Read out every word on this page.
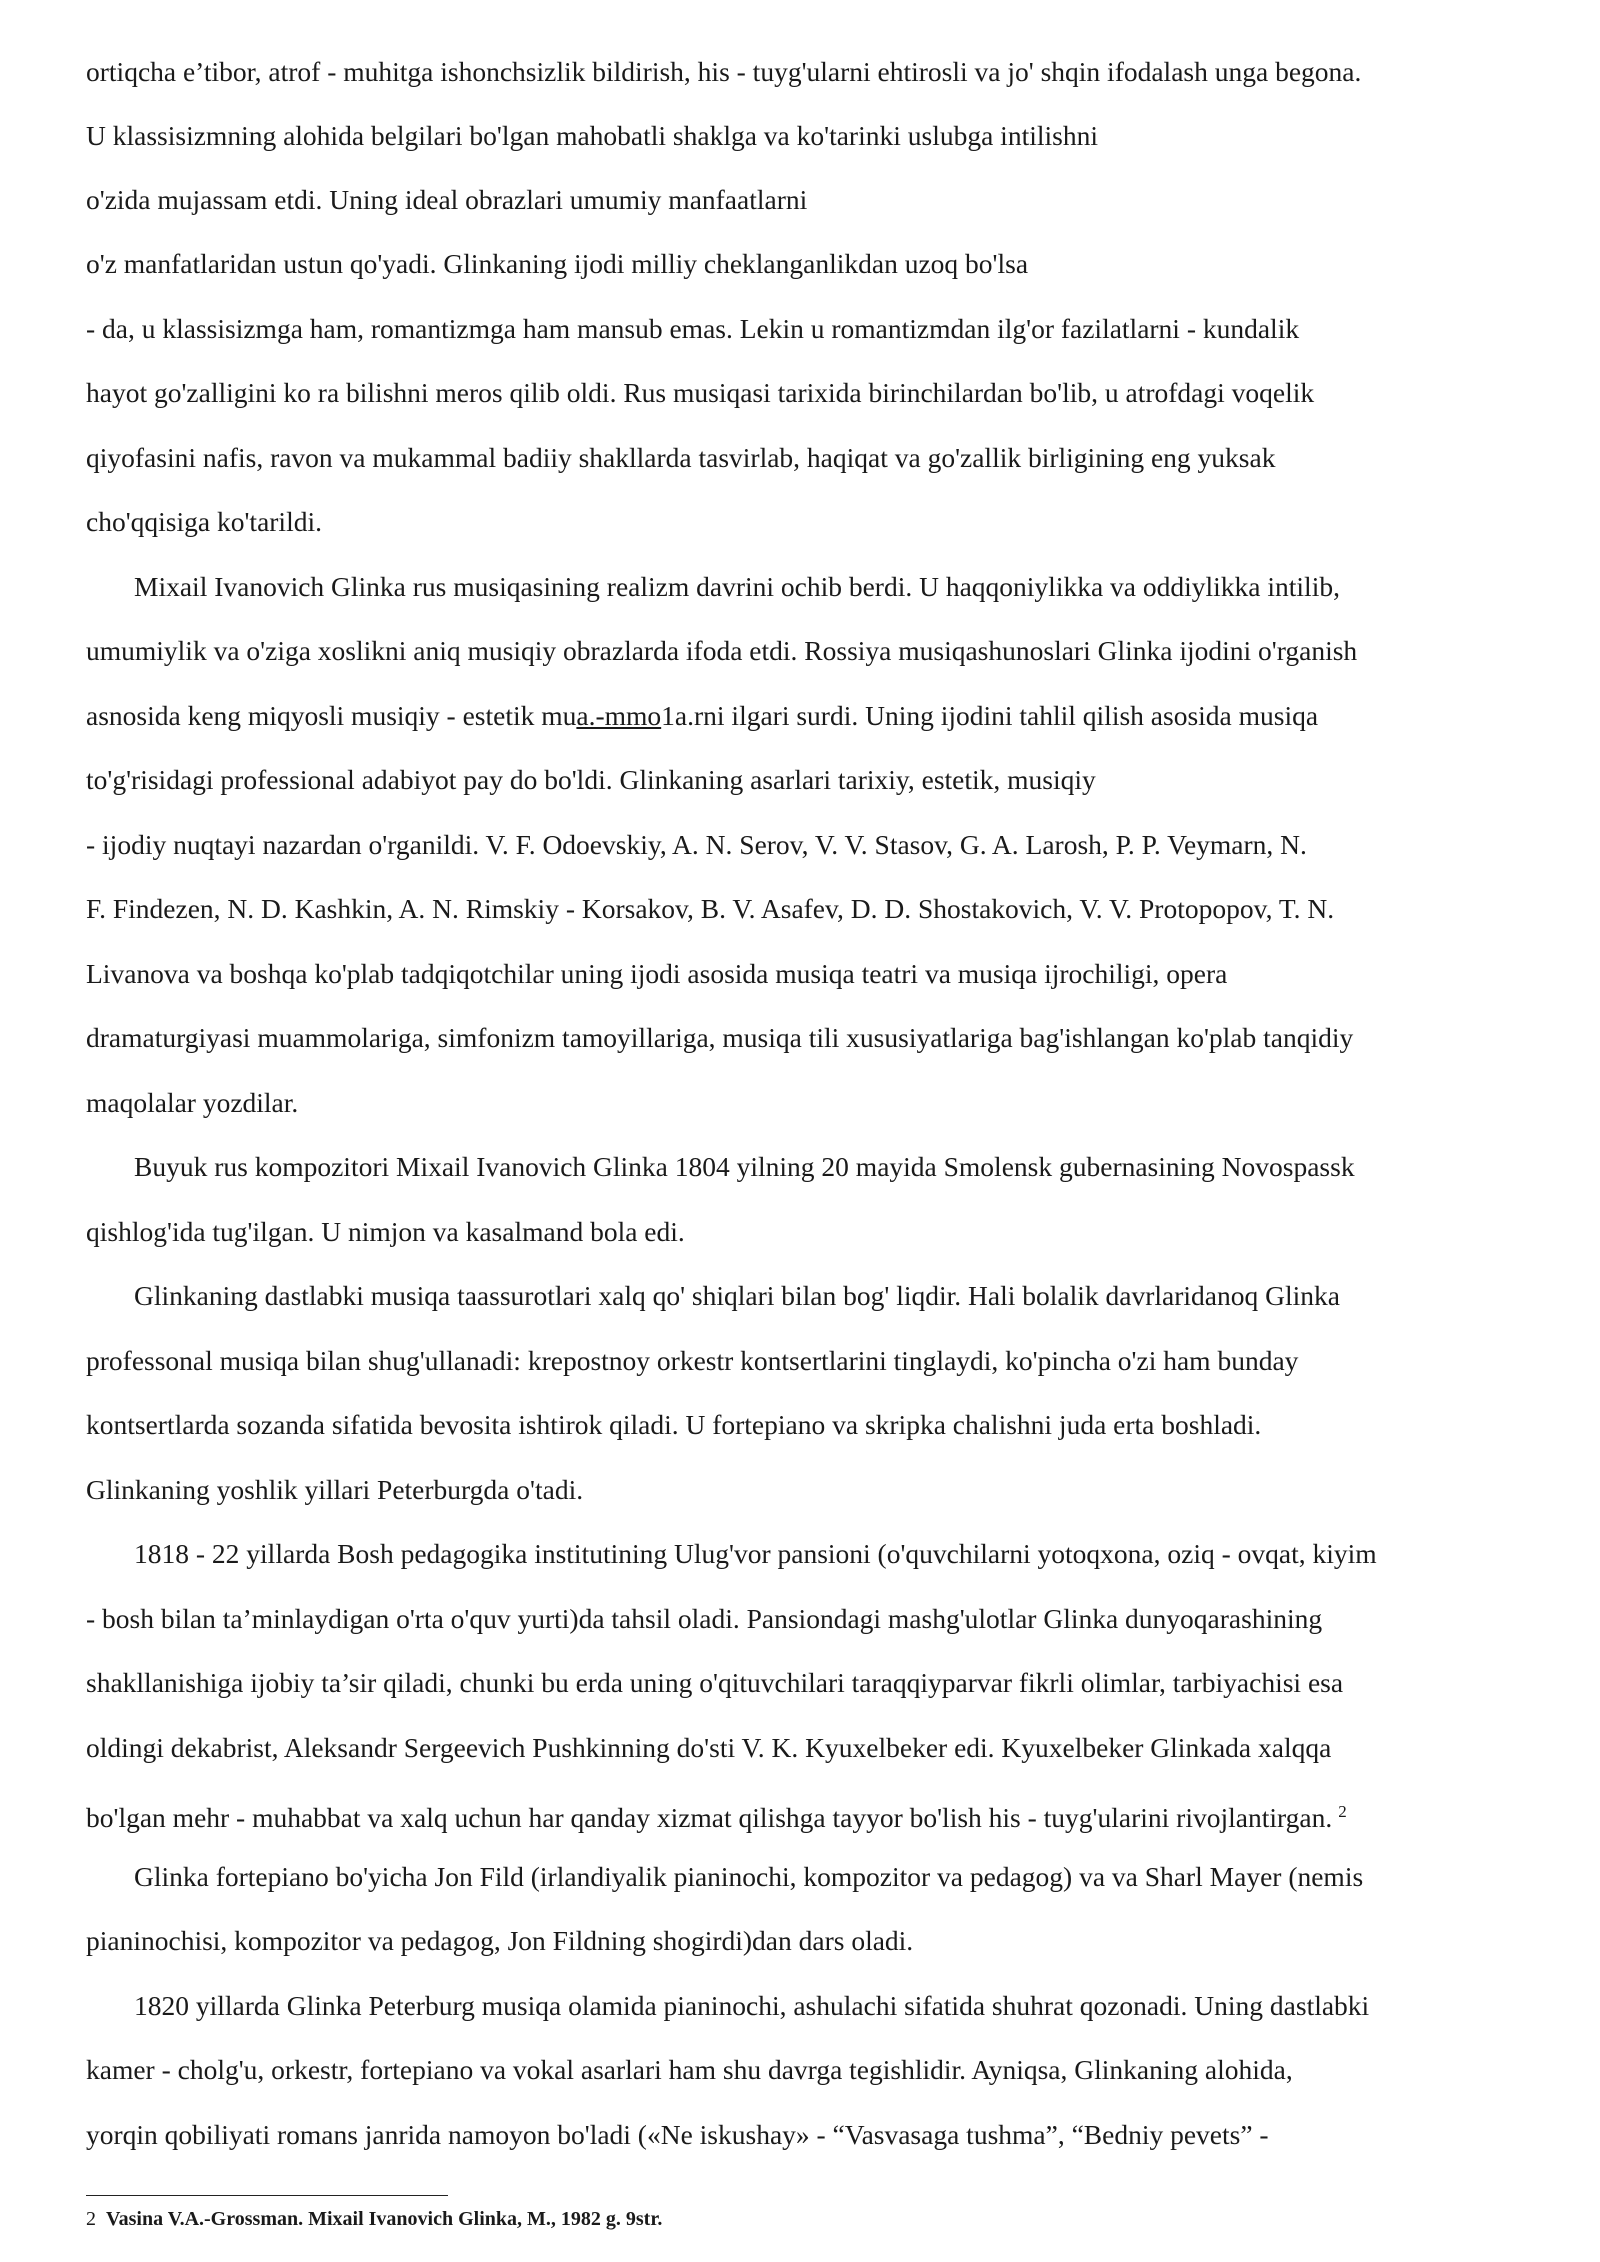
ortiqcha e’tibor, atrof - muhitga ishonchsizlik bildirish, his - tuyg'ularni ehtirosli va jo' shqin ifodalash unga begona.
U klassisizmning alohida belgilari bo'lgan mahobatli shaklga va ko'tarinki uslubga intilishni
o'zida mujassam etdi. Uning ideal obrazlari umumiy manfaatlarni
o'z manfatlaridan ustun qo'yadi. Glinkaning ijodi milliy cheklanganlikdan uzoq bo'lsa
- da, u klassisizmga ham, romantizmga ham mansub emas. Lekin u romantizmdan ilg'or fazilatlarni - kundalik
hayot go'zalligini ko ra bilishni meros qilib oldi. Rus musiqasi tarixida birinchilardan bo'lib, u atrofdagi voqelik
qiyofasini nafis, ravon va mukammal badiiy shakllarda tasvirlab, haqiqat va go'zallik birligining eng yuksak
cho'qqisiga ko'tarildi.
Mixail Ivanovich Glinka rus musiqasining realizm davrini ochib berdi. U haqqoniylikka va oddiylikka intilib,
umumiylik va o'ziga xoslikni aniq musiqiy obrazlarda ifoda etdi. Rossiya musiqashunoslari Glinka ijodini o'rganish
asnosida keng miqyosli musiqiy - estetik mua.-mmo1a.rni ilgari surdi. Uning ijodini tahlil qilish asosida musiqa
to'g'risidagi professional adabiyot pay do bo'ldi. Glinkaning asarlari tarixiy, estetik, musiqiy
- ijodiy nuqtayi nazardan o'rganildi. V. F. Odoevskiy, A. N. Serov, V. V. Stasov, G. A. Larosh, P. P. Veymarn, N.
F. Findezen, N. D. Kashkin, A. N. Rimskiy - Korsakov, B. V. Asafev, D. D. Shostakovich, V. V. Protopopov, T. N.
Livanova va boshqa ko'plab tadqiqotchilar uning ijodi asosida musiqa teatri va musiqa ijrochiligi, opera
dramaturgiyasi muammolariga, simfonizm tamoyillariga, musiqa tili xususiyatlariga bag'ishlangan ko'plab tanqidiy
maqolalar yozdilar.
Buyuk rus kompozitori Mixail Ivanovich Glinka 1804 yilning 20 mayida Smolensk gubernasining Novospassk
qishlog'ida tug'ilgan. U nimjon va kasalmand bola edi.
Glinkaning dastlabki musiqa taassurotlari xalq qo' shiqlari bilan bog' liqdir. Hali bolalik davrlaridanoq Glinka
professonal musiqa bilan shug'ullanadi: krepostnoy orkestr kontsertlarini tinglaydi, ko'pincha o'zi ham bunday
kontsertlarda sozanda sifatida bevosita ishtirok qiladi. U fortepiano va skripka chalishni juda erta boshladi.
Glinkaning yoshlik yillari Peterburgda o'tadi.
1818 - 22 yillarda Bosh pedagogika institutining Ulug'vor pansioni (o'quvchilarni yotoqxona, oziq - ovqat, kiyim
- bosh bilan ta’minlaydigan o'rta o'quv yurti)da tahsil oladi. Pansiondagi mashg'ulotlar Glinka dunyoqarashining
shakllanishiga ijobiy ta’sir qiladi, chunki bu erda uning o'qituvchilari taraqqiyparvar fikrli olimlar, tarbiyachisi esa
oldingi dekabrist, Aleksandr Sergeevich Pushkinning do'sti V. K. Kyuxelbeker edi. Kyuxelbeker Glinkada xalqqa
bo'lgan mehr - muhabbat va xalq uchun har qanday xizmat qilishga tayyor bo'lish his - tuyg'ularini rivojlantirgan. $^2$
Glinka fortepiano bo'yicha Jon Fild (irlandiyalik pianinochi, kompozitor va pedagog) va va Sharl Mayer (nemis
pianinochisi, kompozitor va pedagog, Jon Fildning shogirdi)dan dars oladi.
1820 yillarda Glinka Peterburg musiqa olamida pianinochi, ashulachi sifatida shuhrat qozonadi. Uning dastlabki
kamer - cholg'u, orkestr, fortepiano va vokal asarlari ham shu davrga tegishlidir. Ayniqsa, Glinkaning alohida,
yorqin qobiliyati romans janrida namoyon bo'ladi («Ne iskushay» - “Vasvasaga tushma”, “Bedniy pevets” -
2 Vasina V.A.-Grossman. Mixail Ivanovich Glinka, M., 1982 g. 9str.
